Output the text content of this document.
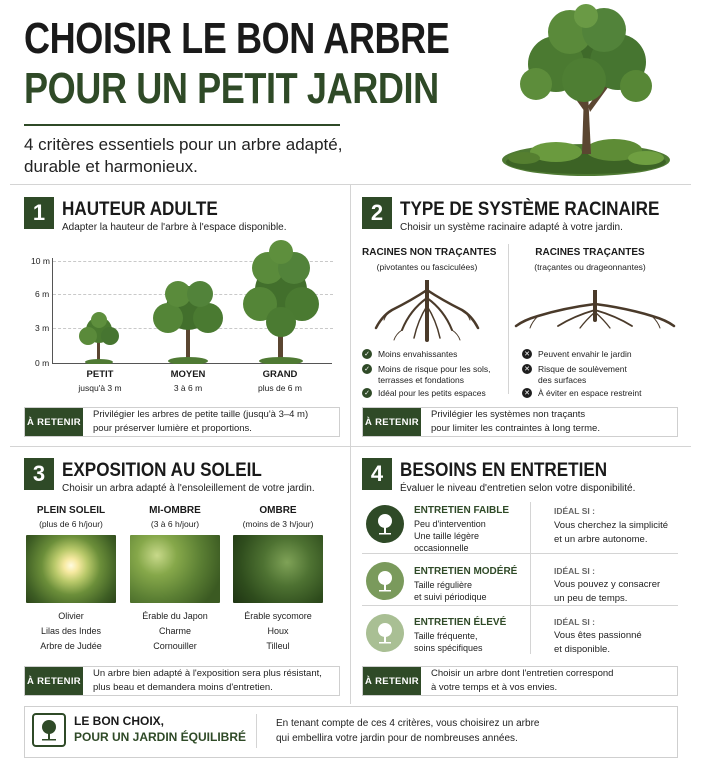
CHOISIR LE BON ARBRE
POUR UN PETIT JARDIN
4 critères essentiels pour un arbre adapté, durable et harmonieux.
1 HAUTEUR ADULTE
Adapter la hauteur de l'arbre à l'espace disponible.
10 m
6 m
3 m
0 m
PETIT
jusqu'à 3 m
MOYEN
3 à 6 m
GRAND
plus de 6 m
À RETENIR
Privilégier les arbres de petite taille (jusqu'à 3–4 m)
pour préserver lumière et proportions.
2 TYPE DE SYSTÈME RACINAIRE
Choisir un système racinaire adapté à votre jardin.
RACINES NON TRAÇANTES
(pivotantes ou fasciculées)
RACINES TRAÇANTES
(traçantes ou drageonnantes)
✓ Moins envahissantes
✓ Moins de risque pour les sols, terrasses et fondations
✓ Idéal pour les petits espaces
✕ Peuvent envahir le jardin
✕ Risque de soulèvement des surfaces
✕ À éviter en espace restreint
À RETENIR
Privilégier les systèmes non traçants
pour limiter les contraintes à long terme.
3 EXPOSITION AU SOLEIL
Choisir un arbra adapté à l'ensoleillement de votre jardin.
PLEIN SOLEIL
(plus de 6 h/jour)
MI-OMBRE
(3 à 6 h/jour)
OMBRE
(moins de 3 h/jour)
Olivier
Lilas des Indes
Arbre de Judée
Érable du Japon
Charme
Cornouiller
Érable sycomore
Houx
Tilleul
À RETENIR
Un arbre bien adapté à l'exposition sera plus résistant,
plus beau et demandera moins d'entretien.
4 BESOINS EN ENTRETIEN
Évaluer le niveau d'entretien selon votre disponibilité.
ENTRETIEN FAIBLE
Peu d'intervention
Une taille légère occasionnelle
IDÉAL SI :
Vous cherchez la simplicité
et un arbre autonome.
ENTRETIEN MODÉRÉ
Taille régulière
et suivi périodique
IDÉAL SI :
Vous pouvez y consacrer
un peu de temps.
ENTRETIEN ÉLEVÉ
Taille fréquente,
soins spécifiques
IDÉAL SI :
Vous êtes passionné
et disponible.
À RETENIR
Choisir un arbre dont l'entretien correspond
à votre temps et à vos envies.
LE BON CHOIX,
POUR UN JARDIN ÉQUILIBRÉ
En tenant compte de ces 4 critères, vous choisirez un arbre
qui embellira votre jardin pour de nombreuses années.
